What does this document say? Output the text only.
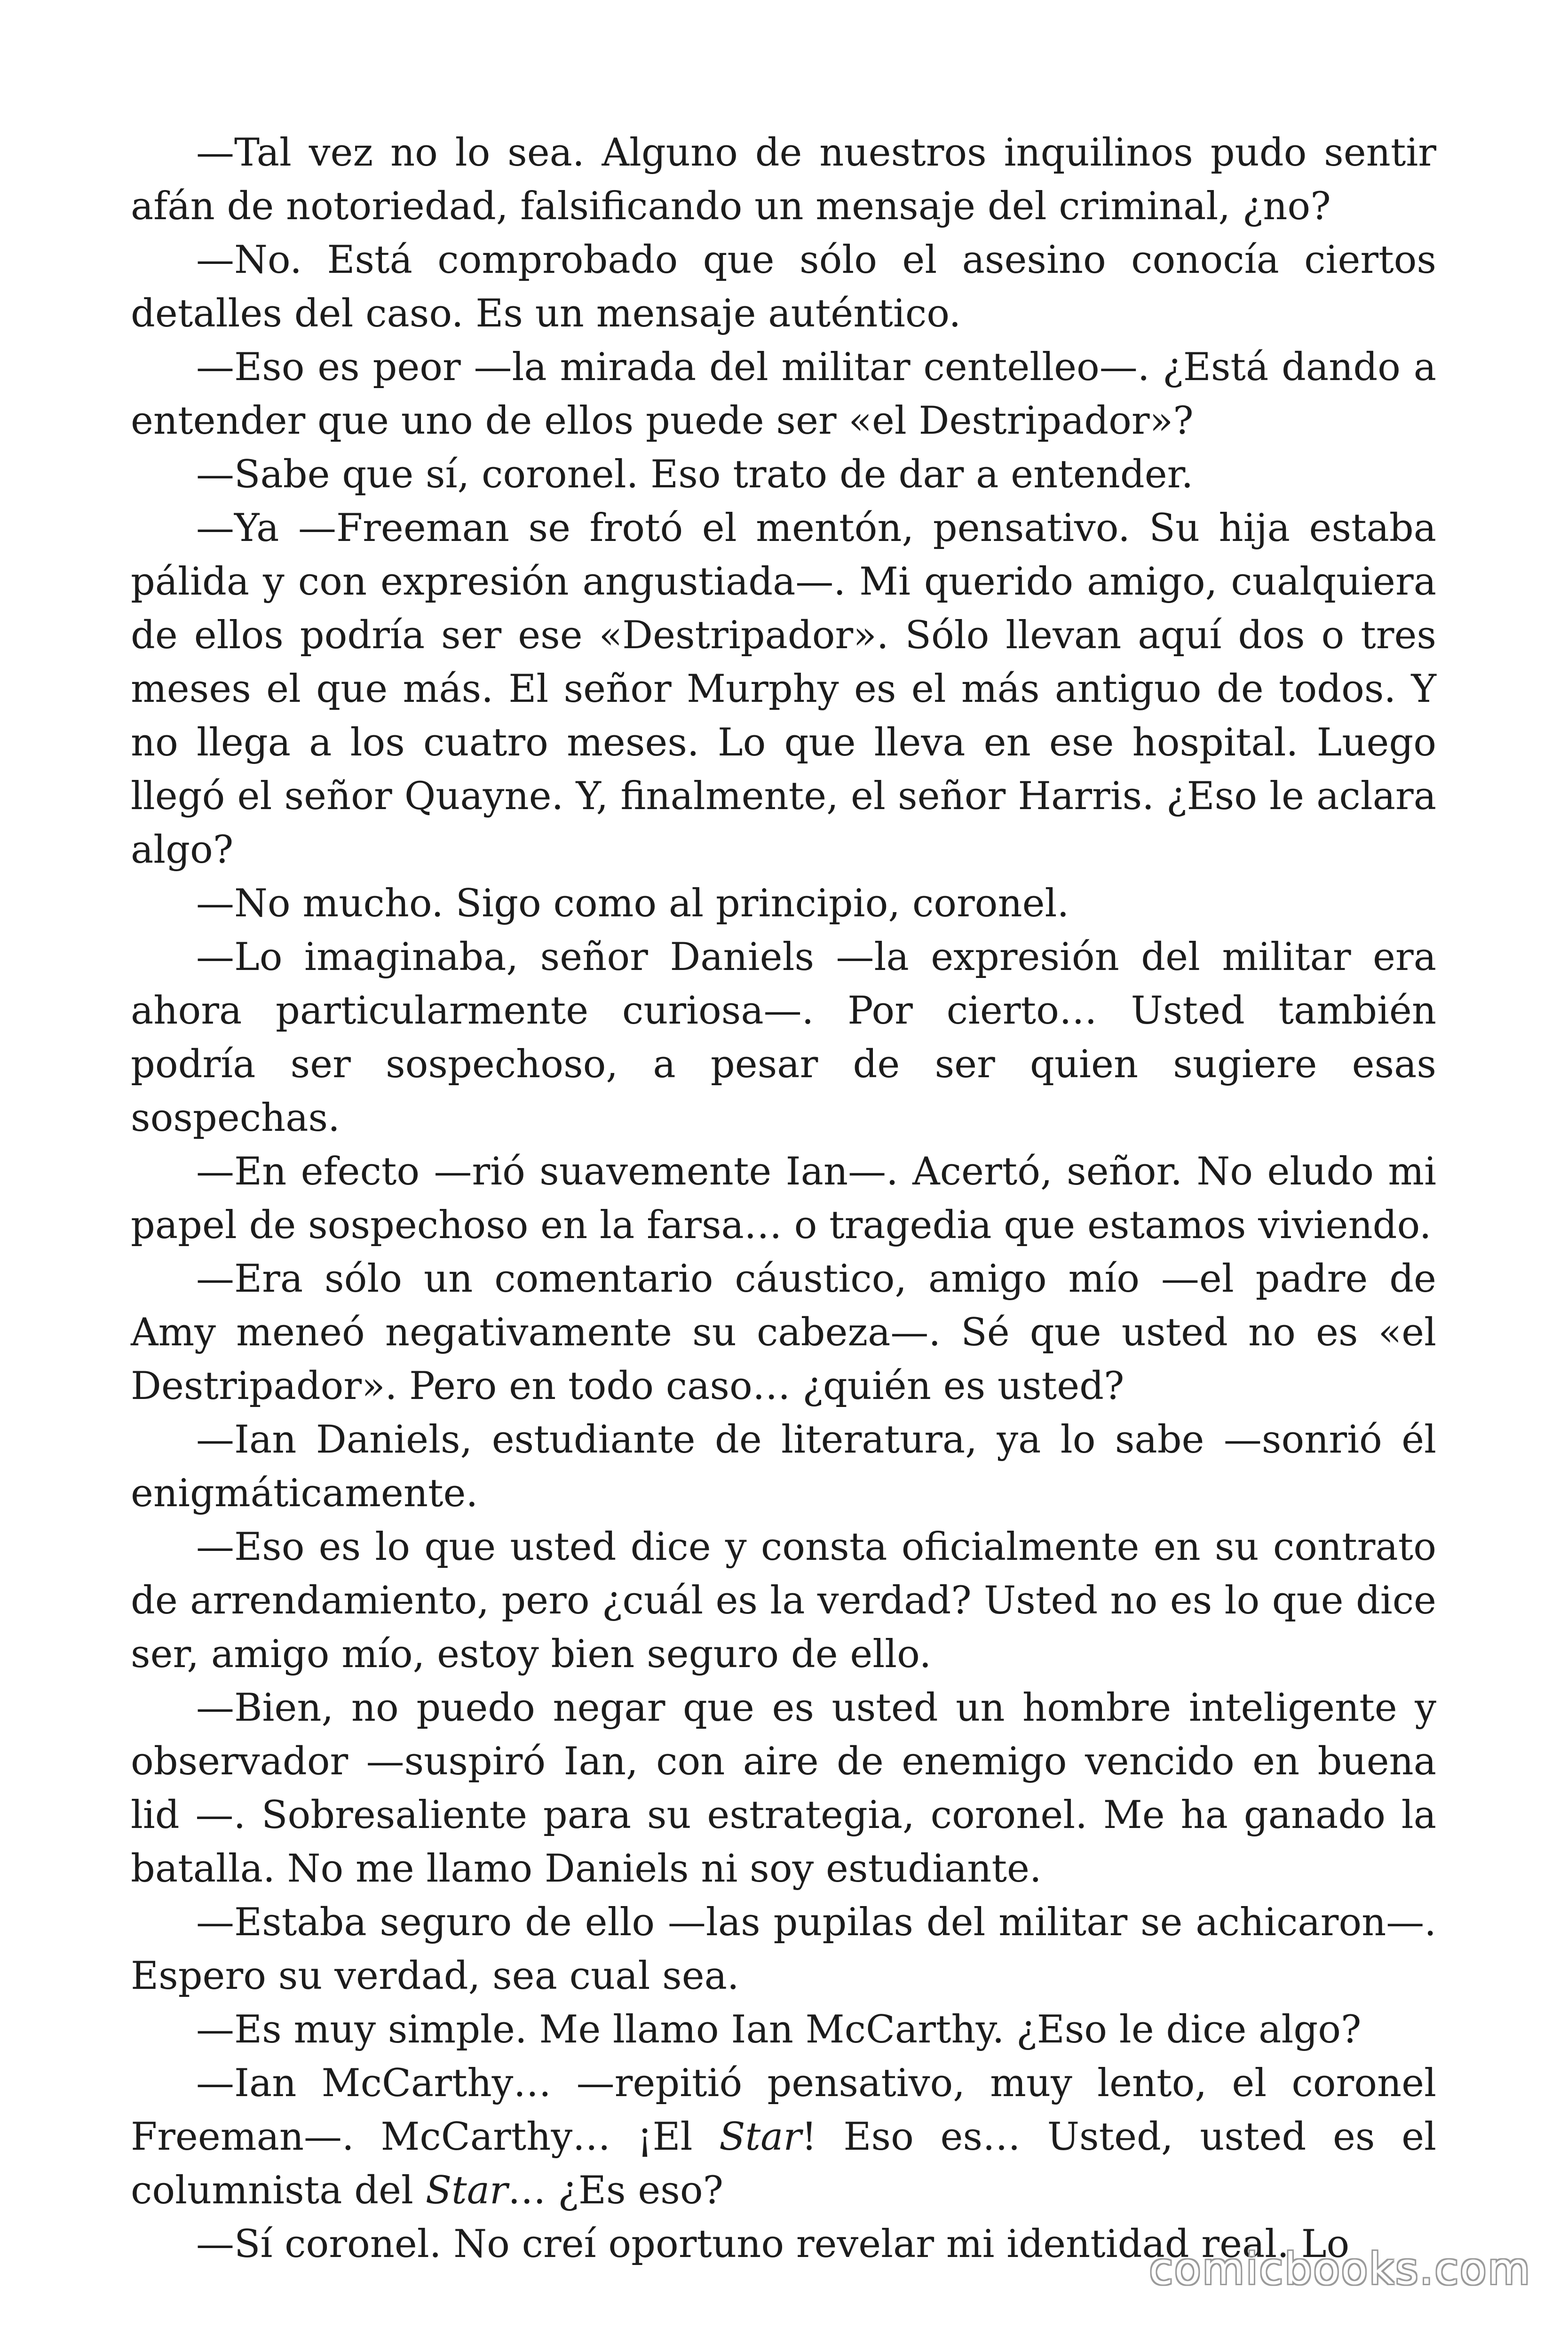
—Tal vez no lo sea. Alguno de nuestros inquilinos pudo sentir afán de notoriedad, falsificando un mensaje del criminal, ¿no?

—No. Está comprobado que sólo el asesino conocía ciertos detalles del caso. Es un mensaje auténtico.

—Eso es peor —la mirada del militar centelleo—. ¿Está dando a entender que uno de ellos puede ser «el Destripador»?

—Sabe que sí, coronel. Eso trato de dar a entender.

—Ya —Freeman se frotó el mentón, pensativo. Su hija estaba pálida y con expresión angustiada—. Mi querido amigo, cualquiera de ellos podría ser ese «Destripador». Sólo llevan aquí dos o tres meses el que más. El señor Murphy es el más antiguo de todos. Y no llega a los cuatro meses. Lo que lleva en ese hospital. Luego llegó el señor Quayne. Y, finalmente, el señor Harris. ¿Eso le aclara algo?

—No mucho. Sigo como al principio, coronel.

—Lo imaginaba, señor Daniels —la expresión del militar era ahora particularmente curiosa—. Por cierto… Usted también podría ser sospechoso, a pesar de ser quien sugiere esas sospechas.

—En efecto —rió suavemente Ian—. Acertó, señor. No eludo mi papel de sospechoso en la farsa… o tragedia que estamos viviendo.

—Era sólo un comentario cáustico, amigo mío —el padre de Amy meneó negativamente su cabeza—. Sé que usted no es «el Destripador». Pero en todo caso… ¿quién es usted?

—Ian Daniels, estudiante de literatura, ya lo sabe —sonrió él enigmáticamente.

—Eso es lo que usted dice y consta oficialmente en su contrato de arrendamiento, pero ¿cuál es la verdad? Usted no es lo que dice ser, amigo mío, estoy bien seguro de ello.

—Bien, no puedo negar que es usted un hombre inteligente y observador —suspiró Ian, con aire de enemigo vencido en buena lid —. Sobresaliente para su estrategia, coronel. Me ha ganado la batalla. No me llamo Daniels ni soy estudiante.

—Estaba seguro de ello —las pupilas del militar se achicaron—. Espero su verdad, sea cual sea.

—Es muy simple. Me llamo Ian McCarthy. ¿Eso le dice algo?

—Ian McCarthy… —repitió pensativo, muy lento, el coronel Freeman—. McCarthy… ¡El Star! Eso es… Usted, usted es el columnista del Star… ¿Es eso?

—Sí coronel. No creí oportuno revelar mi identidad real. Lo

comicbooks.com
